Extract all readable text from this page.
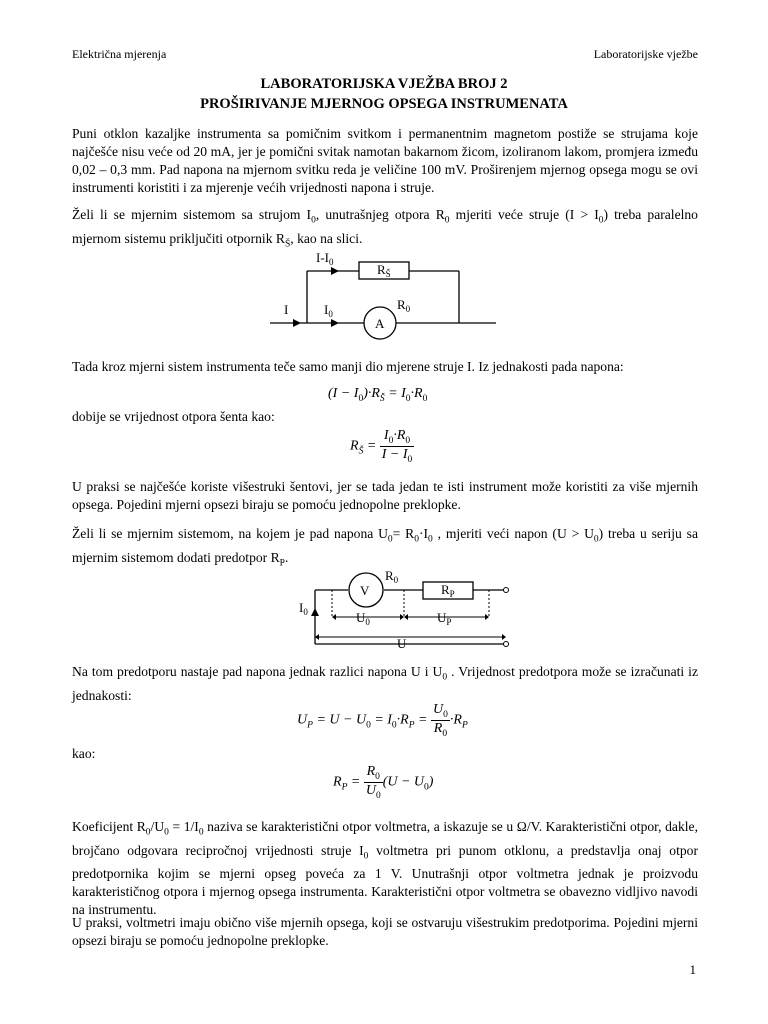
Električna mjerenja	Laboratorijske vježbe
LABORATORIJSKA VJEŽBA BROJ 2
PROŠIRIVANJE MJERNOG OPSEGA INSTRUMENATA

Puni otklon kazaljke instrumenta sa pomičnim svitkom i permanentnim magnetom postiže se strujama koje najčešće nisu veće od 20 mA, jer je pomični svitak namotan bakarnom žicom, izoliranom lakom, promjera između 0,02 – 0,3 mm. Pad napona na mjernom svitku reda je veličine 100 mV. Proširenjem mjernog opsega mogu se ovi instrumenti koristiti i za mjerenje većih vrijednosti napona i struje.

Želi li se mjernim sistemom sa strujom $I_0$, unutrašnjeg otpora $R_0$ mjeriti veće struje $(I > I_0)$ treba paralelno mjernom sistemu priključiti otpornik $R_Š$, kao na slici.

$I-I_0$	$R_Š$
I	$I_0$
A
$R_0$

Tada kroz mjerni sistem instrumenta teče samo manji dio mjerene struje I. Iz jednakosti pada napona:

$(I - I_0)\cdot R_Š = I_0\cdot R_0$

dobije se vrijednost otpora šenta kao:

$R_Š = \frac{I_0\cdot R_0}{I - I_0}$

U praksi se najčešće koriste višestruki šentovi, jer se tada jedan te isti instrument može koristiti za više mjernih opsega. Pojedini mjerni opsezi biraju se pomoću jednopolne preklopke.

Želi li se mjernim sistemom, na kojem je pad napona $U_0= R_0\cdot I_0$ , mjeriti veći napon $(U > U_0)$ treba u seriju sa mjernim sistemom dodati predotpor $R_P$.

V
$R_0$
$R_P$
$I_0$	$U_0$	$U_P$
U

Na tom predotporu nastaje pad napona jednak razlici napona U i $U_0$ . Vrijednost predotpora može se izračunati iz jednakosti:

$U_P = U - U_0 = I_0\cdot R_P = \frac{U_0}{R_0} \cdot R_P$

kao:

$R_P = \frac{R_0}{U_0} (U - U_0)$

Koeficijent $R_0/U_0 = 1/I_0$ naziva se karakteristični otpor voltmetra, a iskazuje se u Ω/V. Karakteristični otpor, dakle, brojčano odgovara recipročnoj vrijednosti struje $I_0$ voltmetra pri punom otklonu, a predstavlja onaj otpor predotpornika kojim se mjerni opseg poveća za 1 V. Unutrašnji otpor voltmetra jednak je proizvodu karakterističnog otpora i mjernog opsega instrumenta. Karakteristični otpor voltmetra se obavezno vidljivo navodi na instrumentu.

U praksi, voltmetri imaju obično više mjernih opsega, koji se ostvaruju višestrukim predotporima. Pojedini mjerni opsezi biraju se pomoću jednopolne preklopke.

1
